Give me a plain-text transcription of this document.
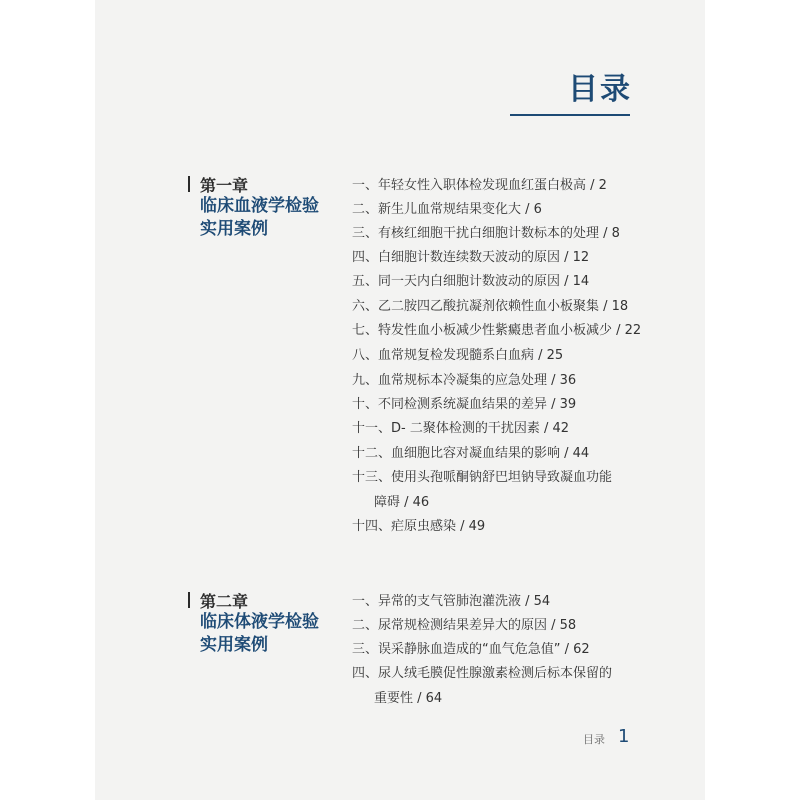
目录
第一章
临床血液学检验
实用案例
一、年轻女性入职体检发现血红蛋白极高 / 2
二、新生儿血常规结果变化大 / 6
三、有核红细胞干扰白细胞计数标本的处理 / 8
四、白细胞计数连续数天波动的原因 / 12
五、同一天内白细胞计数波动的原因 / 14
六、乙二胺四乙酸抗凝剂依赖性血小板聚集 / 18
七、特发性血小板减少性紫癜患者血小板减少 / 22
八、血常规复检发现髓系白血病 / 25
九、血常规标本冷凝集的应急处理 / 36
十、不同检测系统凝血结果的差异 / 39
十一、D- 二聚体检测的干扰因素 / 42
十二、血细胞比容对凝血结果的影响 / 44
十三、使用头孢哌酮钠舒巴坦钠导致凝血功能
障碍 / 46
十四、疟原虫感染 / 49
第二章
临床体液学检验
实用案例
一、异常的支气管肺泡灌洗液 / 54
二、尿常规检测结果差异大的原因 / 58
三、误采静脉血造成的“血气危急值” / 62
四、尿人绒毛膜促性腺激素检测后标本保留的
重要性 / 64
目录 1
